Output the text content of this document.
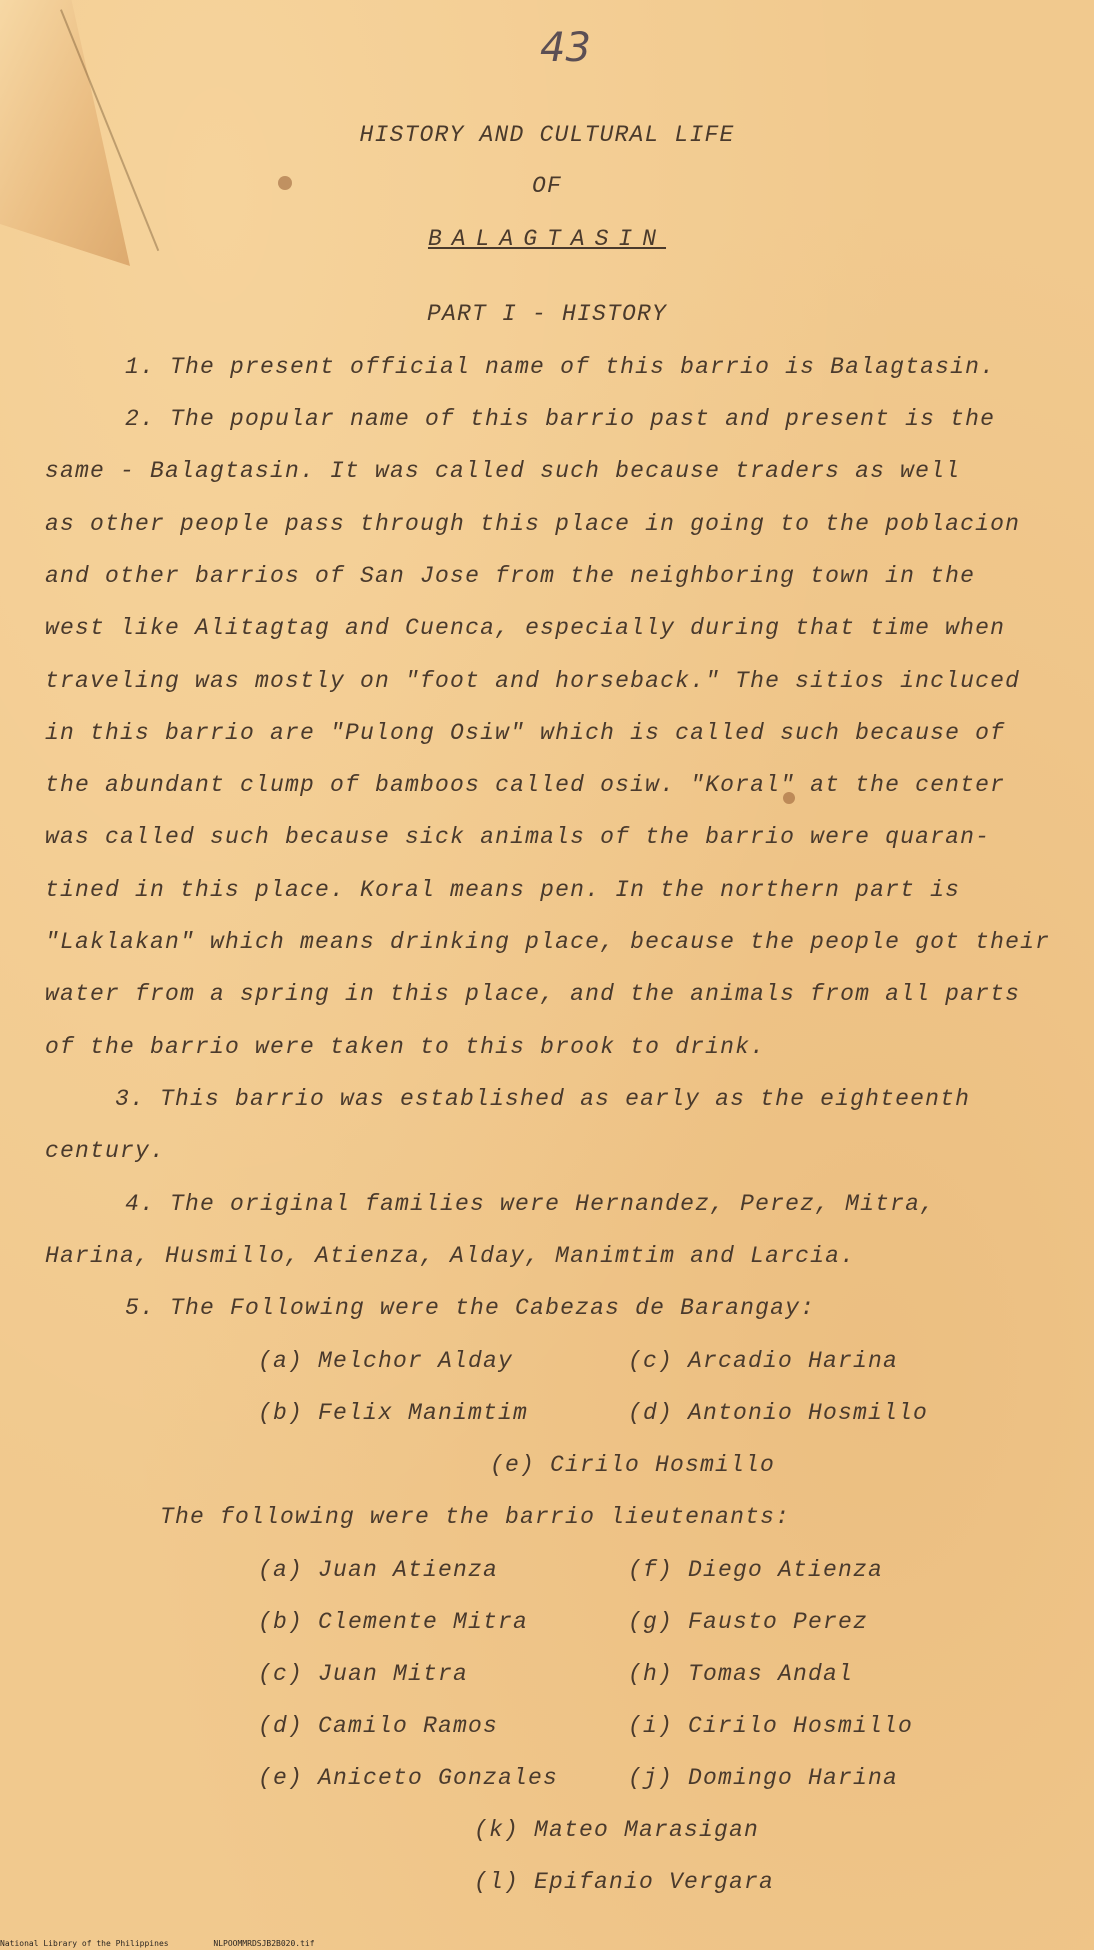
43
HISTORY AND CULTURAL LIFE
OF
BALAGTASIN
PART I - HISTORY
1. The present official name of this barrio is Balagtasin.
2. The popular name of this barrio past and present is the
same - Balagtasin. It was called such because traders as well
as other people pass through this place in going to the poblacion
and other barrios of San Jose from the neighboring town in the
west like Alitagtag and Cuenca, especially during that time when
traveling was mostly on "foot and horseback." The sitios incluced
in this barrio are "Pulong Osiw" which is called such because of
the abundant clump of bamboos called osiw. "Koral" at the center
was called such because sick animals of the barrio were quaran-
tined in this place. Koral means pen. In the northern part is
"Laklakan" which means drinking place, because the people got their
water from a spring in this place, and the animals from all parts
of the barrio were taken to this brook to drink.
3. This barrio was established as early as the eighteenth
century.
4. The original families were Hernandez, Perez, Mitra,
Harina, Husmillo, Atienza, Alday, Manimtim and Larcia.
5. The Following were the Cabezas de Barangay:
(a) Melchor Alday	(c) Arcadio Harina
(b) Felix Manimtim	(d) Antonio Hosmillo
(e) Cirilo Hosmillo
The following were the barrio lieutenants:
(a) Juan Atienza	(f) Diego Atienza
(b) Clemente Mitra	(g) Fausto Perez
(c) Juan Mitra	(h) Tomas Andal
(d) Camilo Ramos	(i) Cirilo Hosmillo
(e) Aniceto Gonzales	(j) Domingo Harina
(k) Mateo Marasigan
(l) Epifanio Vergara
National Library of the Philippines	NLPOOMMRDSJB2B020.tif
